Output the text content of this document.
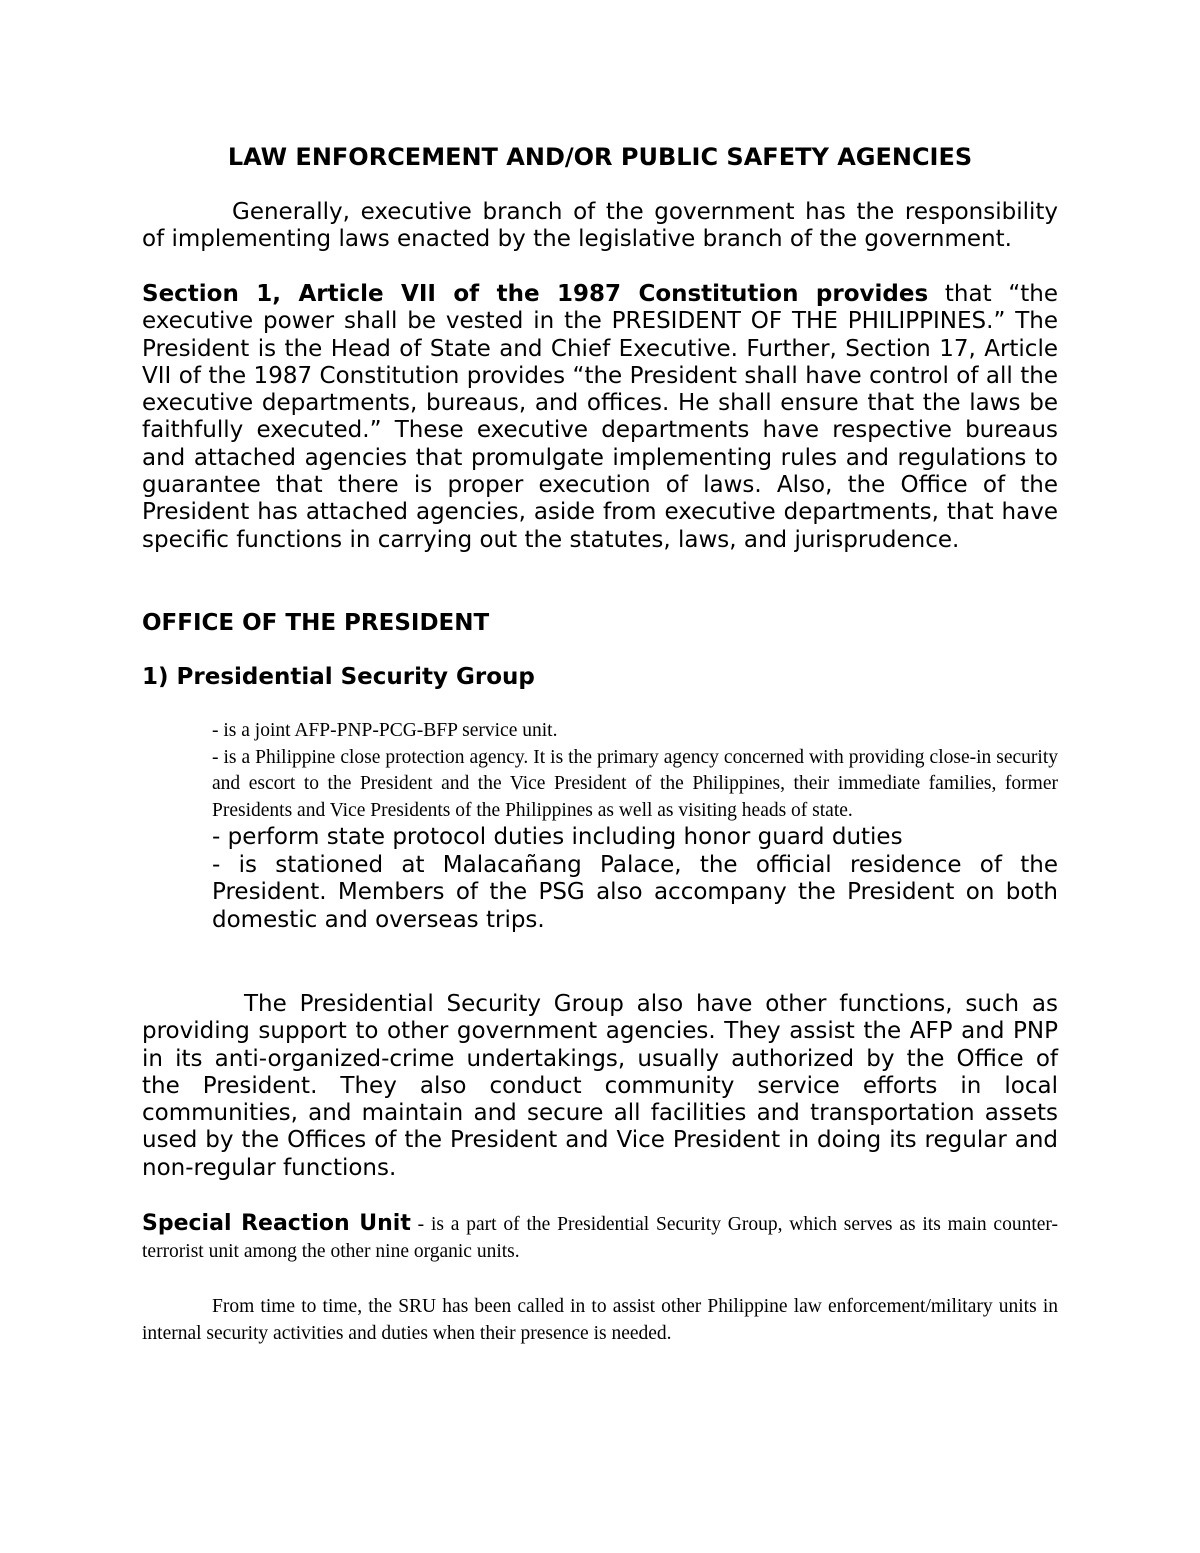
LAW ENFORCEMENT AND/OR PUBLIC SAFETY AGENCIES

Generally, executive branch of the government has the responsibility of implementing laws enacted by the legislative branch of the government.

Section 1, Article VII of the 1987 Constitution provides that “the executive power shall be vested in the PRESIDENT OF THE PHILIPPINES.” The President is the Head of State and Chief Executive. Further, Section 17, Article VII of the 1987 Constitution provides “the President shall have control of all the executive departments, bureaus, and offices. He shall ensure that the laws be faithfully executed.” These executive departments have respective bureaus and attached agencies that promulgate implementing rules and regulations to guarantee that there is proper execution of laws. Also, the Office of the President has attached agencies, aside from executive departments, that have specific functions in carrying out the statutes, laws, and jurisprudence.

OFFICE OF THE PRESIDENT

1) Presidential Security Group

- is a joint AFP-PNP-PCG-BFP service unit.

- is a Philippine close protection agency. It is the primary agency concerned with providing close-in security and escort to the President and the Vice President of the Philippines, their immediate families, former Presidents and Vice Presidents of the Philippines as well as visiting heads of state.

- perform state protocol duties including honor guard duties

- is stationed at Malacañang Palace, the official residence of the President. Members of the PSG also accompany the President on both domestic and overseas trips.

The Presidential Security Group also have other functions, such as providing support to other government agencies. They assist the AFP and PNP in its anti-organized-crime undertakings, usually authorized by the Office of the President. They also conduct community service efforts in local communities, and maintain and secure all facilities and transportation assets used by the Offices of the President and Vice President in doing its regular and non-regular functions.

Special Reaction Unit - is a part of the Presidential Security Group, which serves as its main counter-terrorist unit among the other nine organic units.

From time to time, the SRU has been called in to assist other Philippine law enforcement/military units in internal security activities and duties when their presence is needed.
